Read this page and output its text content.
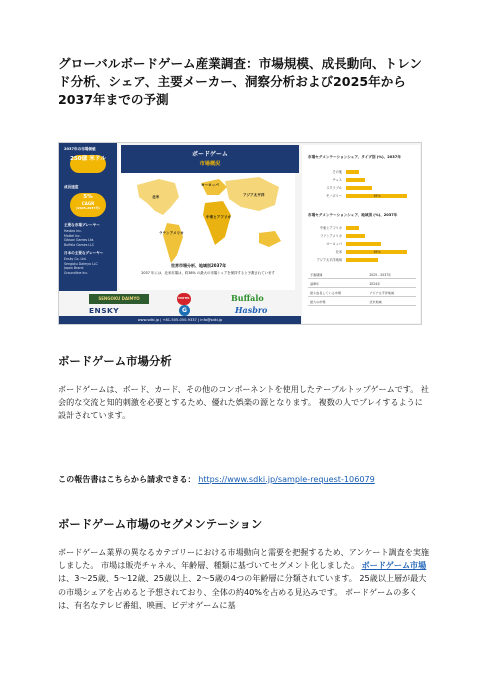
グローバルボードゲーム産業調査：市場規模、成長動向、トレンド分析、シェア、主要メーカー、洞察分析および2025年から2037年までの予測
2037年の市場価値
250億 米ドル
成長速度
5%
CAGR
(2025-2037年)
主要な市場プレーヤー
Hasbro Inc.
Mattel Inc.
Gibson Games Ltd.
Buffalo Games LLC
日本の主要なプレーヤー
Ensky Co. Ltd.
Sengoku Daimyo LLC
Japan Brand
Groundline Inc.
北米
ヨーロッパ
アジア太平洋
中東とアフリカ
ラテンアメリカ
世界市場分析、地域別2037年
2037 年には、北米市場は、約38% の最大の市場シェアを保持すると予測されています
ボードゲーム
市場概況
市場セグメンテーションシェア、タイプ別 (%)、2037年
その他
チェス
スクラブル
モノポリー	38%
市場セグメンテーションシェア、地域別 (%)、2037年
中東とアフリカ
ラテンアメリカ
ヨーロッパ
北米	38%
アジア太平洋地域
予測期間	2025 - 2037年
基準年	2024年
最も成長している市場	アジア太平洋地域
最大の市場	北米地域
SENGOKU DAIMYO	MATTEL	Buffalo
ENSKY	G	Hasbro
www.sdki.jp | +81-505-050-9337 | info@sdki.jp
ボードゲーム市場分析
ボードゲームは、ボード、カード、その他のコンポーネントを使用したテーブルトップゲームです。 社会的な交流と知的刺激を必要とするため、優れた娯楽の源となります。 複数の人でプレイするように設計されています。
この報告書はこちらから請求できる： https://www.sdki.jp/sample-request-106079
ボードゲーム市場のセグメンテーション
ボードゲーム業界の異なるカテゴリーにおける市場動向と需要を把握するため、アンケート調査を実施しました。 市場は販売チャネル、年齢層、種類に基づいてセグメント化しました。 ボードゲーム市場は、3～25歳、5～12歳、25歳以上、2～5歳の4つの年齢層に分類されています。 25歳以上層が最大の市場シェアを占めると予想されており、全体の約40%を占める見込みです。 ボードゲームの多くは、有名なテレビ番組、映画、ビデオゲームに基
